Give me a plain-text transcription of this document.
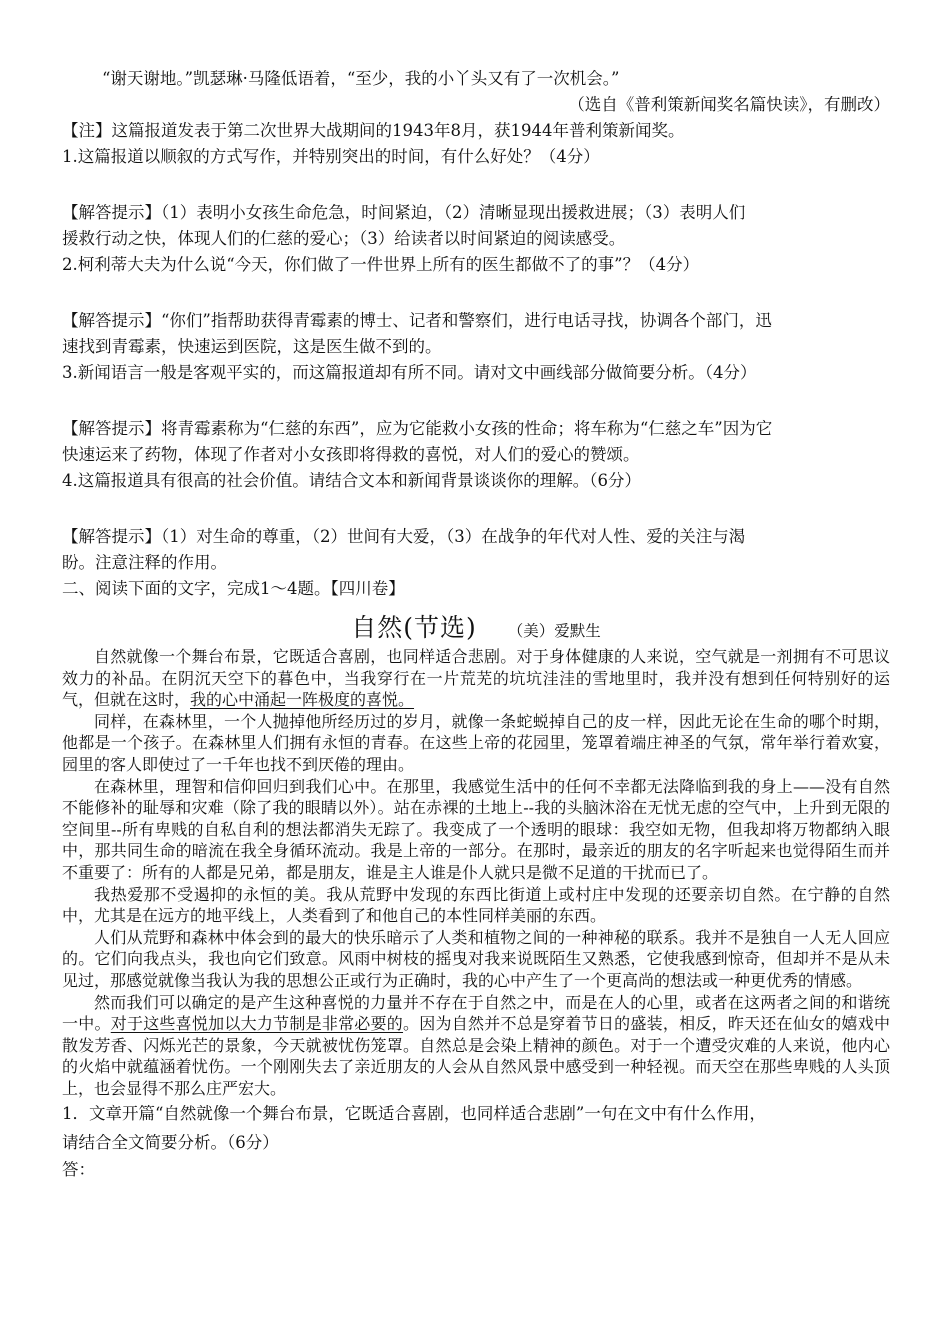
“谢天谢地。”凯瑟琳·马隆低语着，“至少，我的小丫头又有了一次机会。”
（选自《普利策新闻奖名篇快读》，有删改）
【注】这篇报道发表于第二次世界大战期间的1943年8月，获1944年普利策新闻奖。
1.这篇报道以顺叙的方式写作，并特别突出的时间，有什么好处？（4分）
【解答提示】（1）表明小女孩生命危急，时间紧迫，（2）清晰显现出援救进展；（3）表明人们
援救行动之快，体现人们的仁慈的爱心；（3）给读者以时间紧迫的阅读感受。
2.柯利蒂大夫为什么说“今天，你们做了一件世界上所有的医生都做不了的事”？（4分）
【解答提示】“你们”指帮助获得青霉素的博士、记者和警察们，进行电话寻找，协调各个部门，迅
速找到青霉素，快速运到医院，这是医生做不到的。
3.新闻语言一般是客观平实的，而这篇报道却有所不同。请对文中画线部分做简要分析。（4分）
【解答提示】将青霉素称为“仁慈的东西”，应为它能救小女孩的性命；将车称为“仁慈之车”因为它
快速运来了药物，体现了作者对小女孩即将得救的喜悦，对人们的爱心的赞颂。
4.这篇报道具有很高的社会价值。请结合文本和新闻背景谈谈你的理解。（6分）
【解答提示】（1）对生命的尊重，（2）世间有大爱，（3）在战争的年代对人性、爱的关注与渴
盼。注意注释的作用。
二、阅读下面的文字，完成1～4题。【四川卷】
自然(节选) （美）爱默生

自然就像一个舞台布景，它既适合喜剧，也同样适合悲剧。对于身体健康的人来说，空气就是一剂拥有不可思议效力的补品。在阴沉天空下的暮色中，当我穿行在一片荒芜的坑坑洼洼的雪地里时，我并没有想到任何特别好的运气，但就在这时，我的心中涌起一阵极度的喜悦。

同样，在森林里，一个人抛掉他所经历过的岁月，就像一条蛇蜕掉自己的皮一样，因此无论在生命的哪个时期，他都是一个孩子。在森林里人们拥有永恒的青春。在这些上帝的花园里，笼罩着端庄神圣的气氛，常年举行着欢宴，园里的客人即使过了一千年也找不到厌倦的理由。

在森林里，理智和信仰回归到我们心中。在那里，我感觉生活中的任何不幸都无法降临到我的身上——没有自然不能修补的耻辱和灾难（除了我的眼睛以外）。站在赤裸的土地上--我的头脑沐浴在无忧无虑的空气中，上升到无限的空间里--所有卑贱的自私自利的想法都消失无踪了。我变成了一个透明的眼球：我空如无物，但我却将万物都纳入眼中，那共同生命的暗流在我全身循环流动。我是上帝的一部分。在那时，最亲近的朋友的名字听起来也觉得陌生而并不重要了：所有的人都是兄弟，都是朋友，谁是主人谁是仆人就只是微不足道的干扰而已了。

我热爱那不受遏抑的永恒的美。我从荒野中发现的东西比街道上或村庄中发现的还要亲切自然。在宁静的自然中，尤其是在远方的地平线上，人类看到了和他自己的本性同样美丽的东西。

人们从荒野和森林中体会到的最大的快乐暗示了人类和植物之间的一种神秘的联系。我并不是独自一人无人回应的。它们向我点头，我也向它们致意。风雨中树枝的摇曳对我来说既陌生又熟悉，它使我感到惊奇，但却并不是从未见过，那感觉就像当我认为我的思想公正或行为正确时，我的心中产生了一个更高尚的想法或一种更优秀的情感。

然而我们可以确定的是产生这种喜悦的力量并不存在于自然之中，而是在人的心里，或者在这两者之间的和谐统一中。对于这些喜悦加以大力节制是非常必要的。因为自然并不总是穿着节日的盛装，相反，昨天还在仙女的嬉戏中散发芳香、闪烁光芒的景象，今天就被忧伤笼罩。自然总是会染上精神的颜色。对于一个遭受灾难的人来说，他内心的火焰中就蕴涵着忧伤。一个刚刚失去了亲近朋友的人会从自然风景中感受到一种轻视。而天空在那些卑贱的人头顶上，也会显得不那么庄严宏大。

1．文章开篇“自然就像一个舞台布景，它既适合喜剧，也同样适合悲剧”一句在文中有什么作用，
请结合全文简要分析。（6分）
答：
